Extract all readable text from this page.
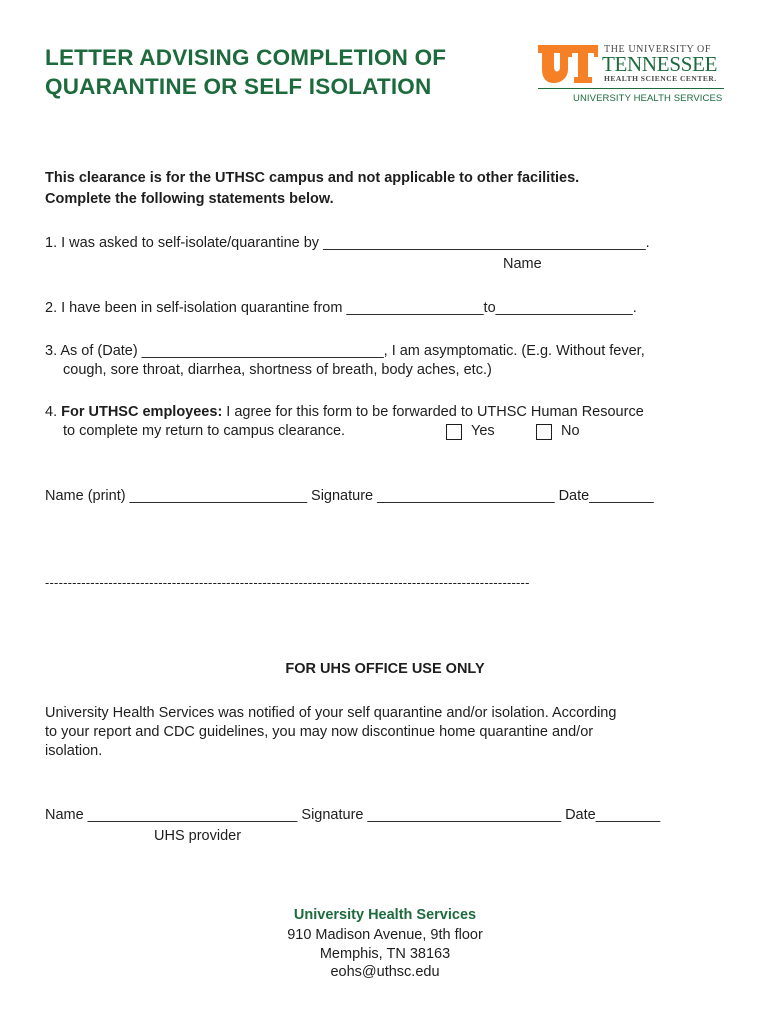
LETTER ADVISING COMPLETION OF
QUARANTINE OR SELF ISOLATION
THE UNIVERSITY OF
TENNESSEE
HEALTH SCIENCE CENTER.
UNIVERSITY HEALTH SERVICES
This clearance is for the UTHSC campus and not applicable to other facilities.
Complete the following statements below.
1. I was asked to self-isolate/quarantine by ________________________________________.
Name
2. I have been in self-isolation quarantine from _________________to_________________.
3. As of (Date) ______________________________, I am asymptomatic. (E.g. Without fever,
cough, sore throat, diarrhea, shortness of breath, body aches, etc.)
4. For UTHSC employees: I agree for this form to be forwarded to UTHSC Human Resource
to complete my return to campus clearance.	Yes	No
Name (print) ______________________ Signature ______________________ Date________
-----------------------------------------------------------------------------------------------------------
FOR UHS OFFICE USE ONLY
University Health Services was notified of your self quarantine and/or isolation. According
to your report and CDC guidelines, you may now discontinue home quarantine and/or
isolation.
Name __________________________ Signature ________________________ Date________
UHS provider
University Health Services
910 Madison Avenue, 9th floor
Memphis, TN 38163
eohs@uthsc.edu
